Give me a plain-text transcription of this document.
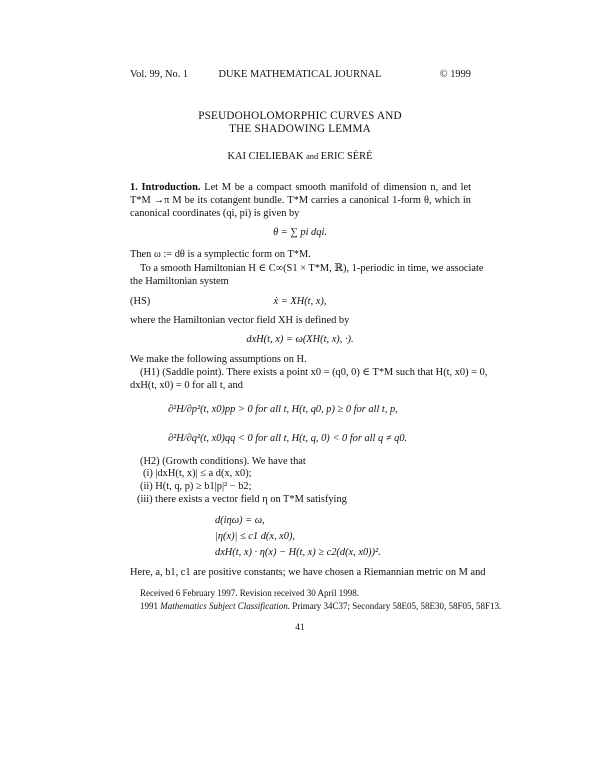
Vol. 99, No. 1	DUKE MATHEMATICAL JOURNAL	© 1999
PSEUDOHOLOMORPHIC CURVES AND
THE SHADOWING LEMMA
KAI CIELIEBAK and ERIC SÉRÉ
1. Introduction. Let M be a compact smooth manifold of dimension n, and let
T*M →π M be its cotangent bundle. T*M carries a canonical 1-form θ, which in
canonical coordinates (qi, pi) is given by
θ = ∑ pi dqi.
Then ω := dθ is a symplectic form on T*M.
To a smooth Hamiltonian H ∈ C∞(S1 × T*M, ℝ), 1-periodic in time, we associate
the Hamiltonian system
(HS)	ẋ = XH(t, x),
where the Hamiltonian vector field XH is defined by
dxH(t, x) = ω(XH(t, x), ·).
We make the following assumptions on H.
(H1) (Saddle point). There exists a point x0 = (q0, 0) ∈ T*M such that H(t, x0) = 0,
dxH(t, x0) = 0 for all t, and
∂²H/∂p²(t, x0)pp > 0 for all t, H(t, q0, p) ≥ 0 for all t, p,
∂²H/∂q²(t, x0)qq < 0 for all t, H(t, q, 0) < 0 for all q ≠ q0.
(H2) (Growth conditions). We have that
(i) |dxH(t, x)| ≤ a d(x, x0);
(ii) H(t, q, p) ≥ b1|p|² − b2;
(iii) there exists a vector field η on T*M satisfying
d(iηω) = ω,
|η(x)| ≤ c1 d(x, x0),
dxH(t, x) · η(x) − H(t, x) ≥ c2(d(x, x0))².
Here, a, b1, c1 are positive constants; we have chosen a Riemannian metric on M and
Received 6 February 1997. Revision received 30 April 1998.
1991 Mathematics Subject Classification. Primary 34C37; Secondary 58E05, 58E30, 58F05, 58F13.
41
